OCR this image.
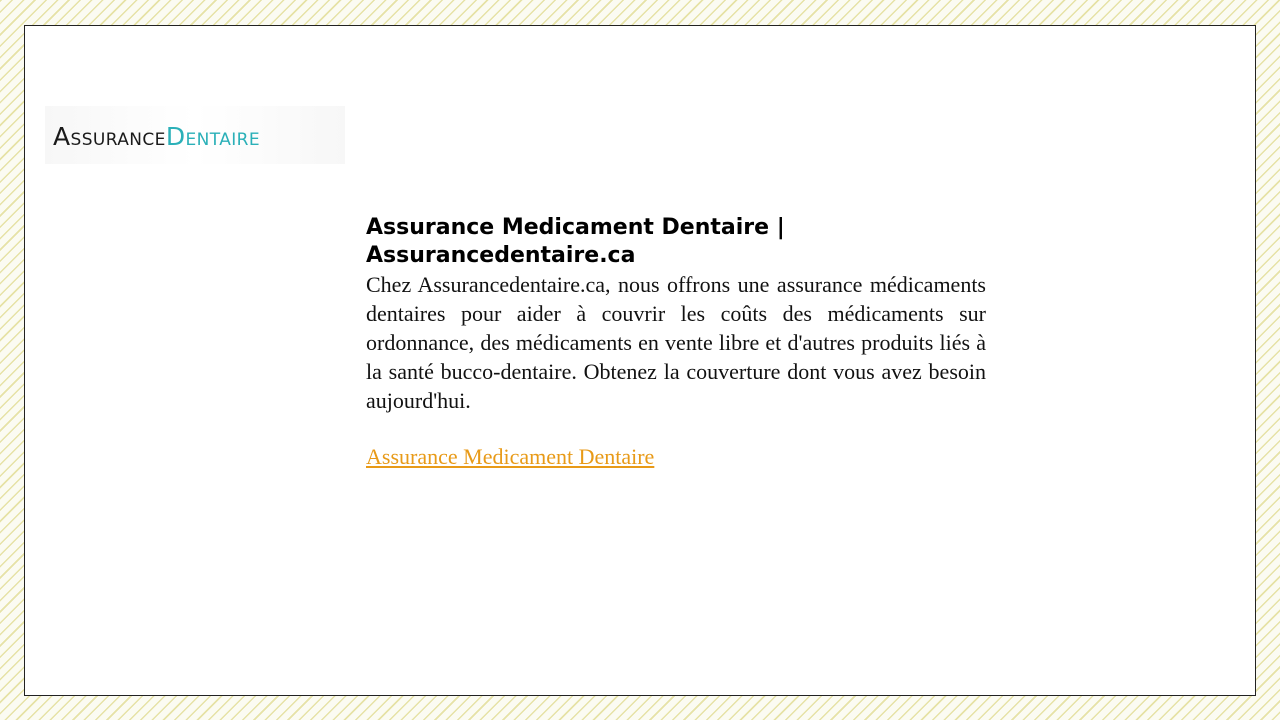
ASSURANCEDENTAIRE
Assurance Medicament Dentaire | Assurancedentaire.ca

Chez Assurancedentaire.ca, nous offrons une assurance médicaments dentaires pour aider à couvrir les coûts des médicaments sur ordonnance, des médicaments en vente libre et d'autres produits liés à la santé bucco-dentaire. Obtenez la couverture dont vous avez besoin aujourd'hui.

Assurance Medicament Dentaire
